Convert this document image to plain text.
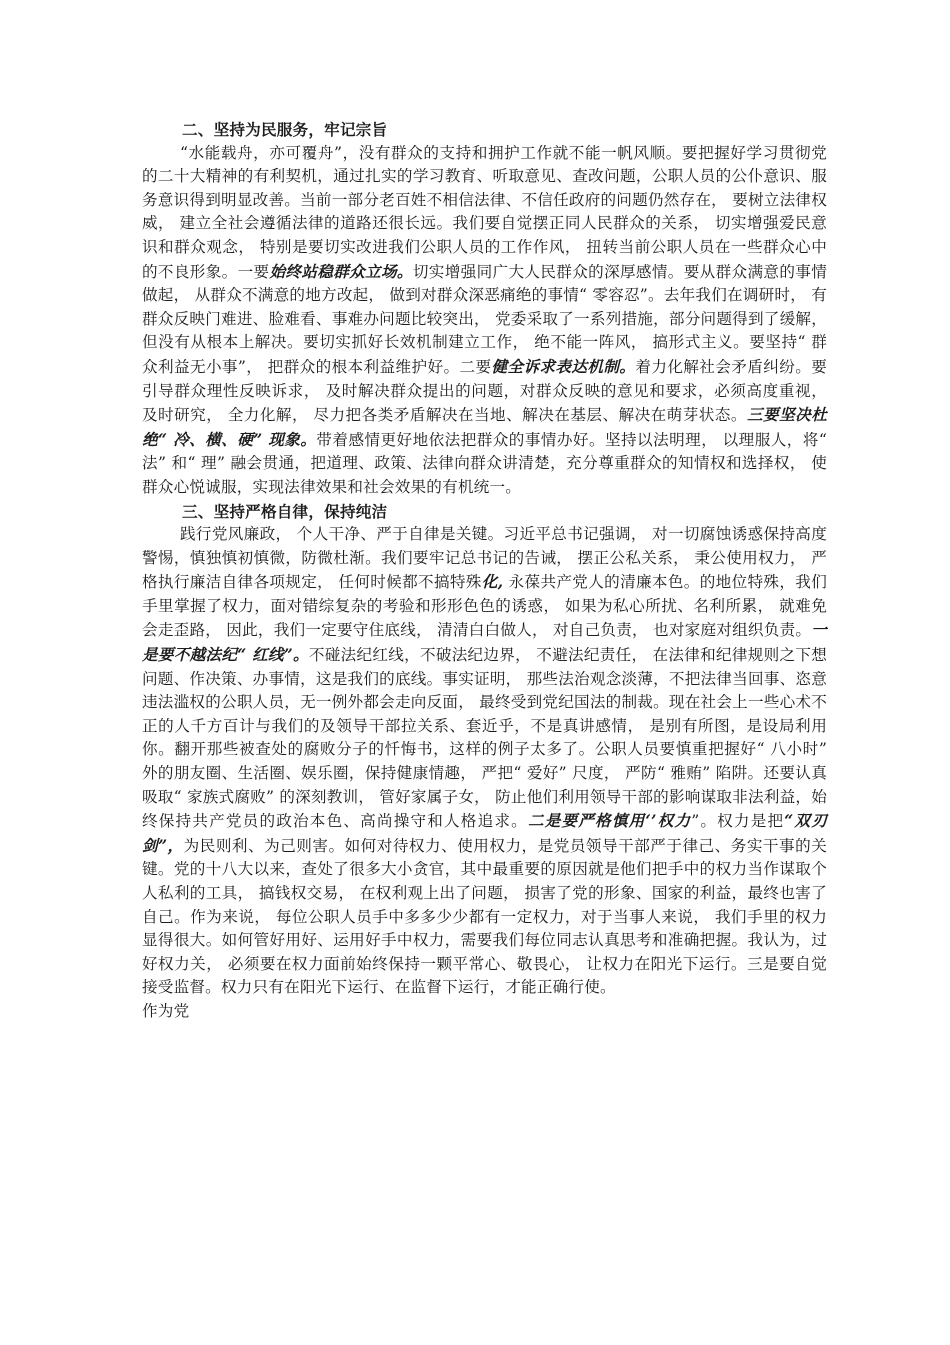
二、坚持为民服务，牢记宗旨

“水能载舟，亦可覆舟”，没有群众的支持和拥护工作就不能一帆风顺。要把握好学习贯彻党的二十大精神的有利契机，通过扎实的学习教育、听取意见、查改问题，公职人员的公仆意识、服务意识得到明显改善。当前一部分老百姓不相信法律、不信任政府的问题仍然存在， 要树立法律权威， 建立全社会遵循法律的道路还很长远。我们要自觉摆正同人民群众的关系， 切实增强爱民意识和群众观念， 特别是要切实改进我们公职人员的工作作风， 扭转当前公职人员在一些群众心中的不良形象。一要始终站稳群众立场。切实增强同广大人民群众的深厚感情。要从群众满意的事情做起， 从群众不满意的地方改起， 做到对群众深恶痛绝的事情“ 零容忍”。去年我们在调研时， 有群众反映门难进、脸难看、事难办问题比较突出， 党委采取了一系列措施，部分问题得到了缓解，但没有从根本上解决。要切实抓好长效机制建立工作， 绝不能一阵风， 搞形式主义。要坚持“ 群众利益无小事”， 把群众的根本利益维护好。二要健全诉求表达机制。着力化解社会矛盾纠纷。要引导群众理性反映诉求， 及时解决群众提出的问题，对群众反映的意见和要求，必须高度重视， 及时研究， 全力化解， 尽力把各类矛盾解决在当地、解决在基层、解决在萌芽状态。三要坚决杜绝“ 冷、横、硬” 现象。带着感情更好地依法把群众的事情办好。坚持以法明理， 以理服人，将“ 法” 和“ 理” 融会贯通，把道理、政策、法律向群众讲清楚，充分尊重群众的知情权和选择权， 使群众心悦诚服，实现法律效果和社会效果的有机统一。

三、坚持严格自律，保持纯洁

践行党风廉政， 个人干净、严于自律是关键。习近平总书记强调， 对一切腐蚀诱惑保持高度警惕，慎独慎初慎微，防微杜渐。我们要牢记总书记的告诫， 摆正公私关系， 秉公使用权力， 严格执行廉洁自律各项规定， 任何时候都不搞特殊化, 永葆共产党人的清廉本色。的地位特殊，我们手里掌握了权力，面对错综复杂的考验和形形色色的诱惑， 如果为私心所扰、名利所累， 就难免会走歪路， 因此，我们一定要守住底线， 清清白白做人， 对自己负责， 也对家庭对组织负责。一是要不越法纪“ 红线”。不碰法纪红线，不破法纪边界， 不避法纪责任， 在法律和纪律规则之下想问题、作决策、办事情，这是我们的底线。事实证明， 那些法治观念淡薄，不把法律当回事、恣意违法滥权的公职人员，无一例外都会走向反面， 最终受到党纪国法的制裁。现在社会上一些心术不正的人千方百计与我们的及领导干部拉关系、套近乎，不是真讲感情， 是别有所图，是设局利用你。翻开那些被查处的腐败分子的忏悔书，这样的例子太多了。公职人员要慎重把握好“ 八小时” 外的朋友圈、生活圈、娱乐圈，保持健康情趣， 严把“ 爱好” 尺度， 严防“ 雅贿” 陷阱。还要认真吸取“ 家族式腐败” 的深刻教训， 管好家属子女， 防止他们利用领导干部的影响谋取非法利益，始终保持共产党员的政治本色、高尚操守和人格追求。二是要严格慎用‘’权力”。权力是把“双刃剑”，为民则利、为己则害。如何对待权力、使用权力，是党员领导干部严于律己、务实干事的关键。党的十八大以来，查处了很多大小贪官，其中最重要的原因就是他们把手中的权力当作谋取个人私利的工具， 搞钱权交易， 在权利观上出了问题， 损害了党的形象、国家的利益，最终也害了自己。作为来说， 每位公职人员手中多多少少都有一定权力，对于当事人来说， 我们手里的权力显得很大。如何管好用好、运用好手中权力，需要我们每位同志认真思考和准确把握。我认为，过好权力关， 必须要在权力面前始终保持一颗平常心、敬畏心， 让权力在阳光下运行。三是要自觉接受监督。权力只有在阳光下运行、在监督下运行，才能正确行使。

作为党
